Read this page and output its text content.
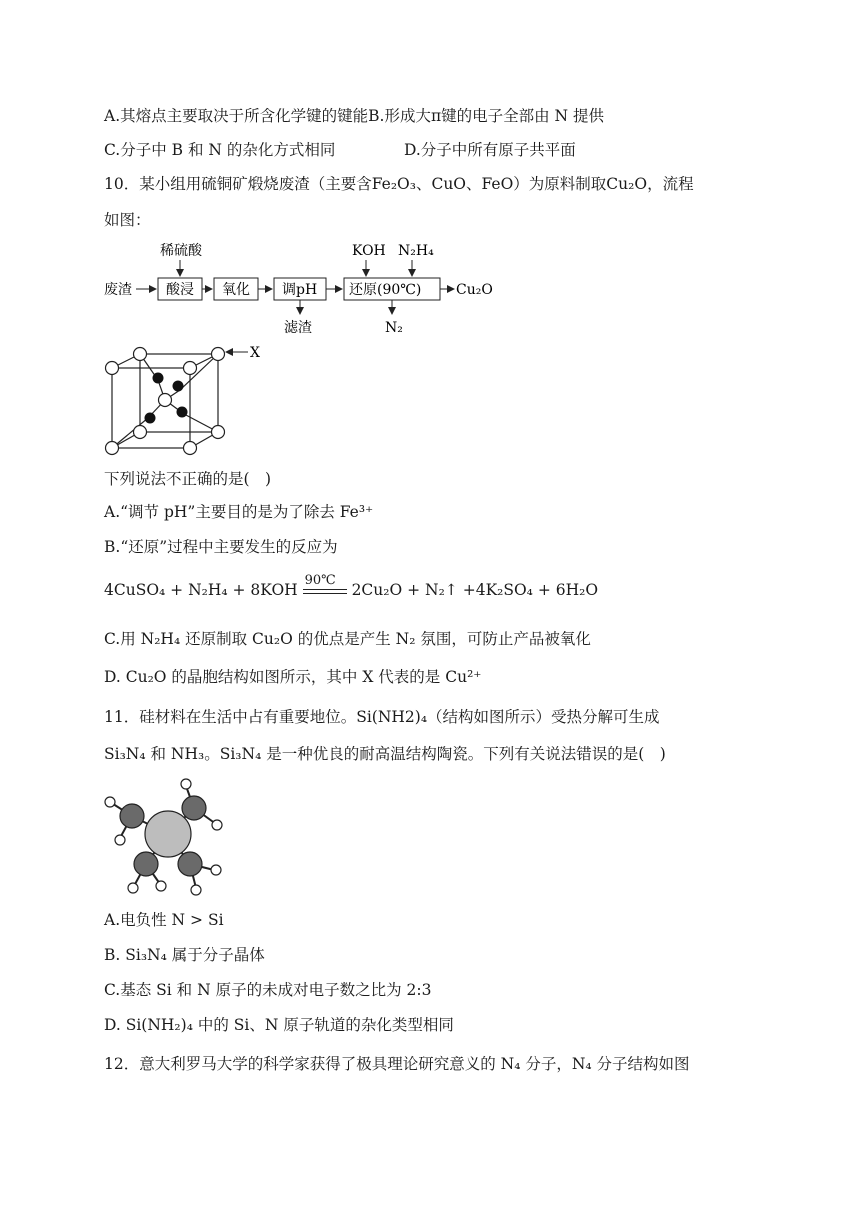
A.其熔点主要取决于所含化学键的键能B.形成大π键的电子全部由 N 提供
C.分子中 B 和 N 的杂化方式相同	D.分子中所有原子共平面
10．某小组用硫铜矿煅烧废渣（主要含Fe₂O₃、CuO、FeO）为原料制取Cu₂O，流程
如图：
废渣
稀硫酸
酸浸 氧化 调pH
滤渣
KOH N₂H₄
还原(90℃)
N₂
Cu₂O
X
下列说法不正确的是(　)
A.“调节 pH”主要目的是为了除去 Fe³⁺
B.“还原”过程中主要发生的反应为
4CuSO₄ + N₂H₄ + 8KOH
90℃
2Cu₂O + N₂↑ +4K₂SO₄ + 6H₂O
C.用 N₂H₄ 还原制取 Cu₂O 的优点是产生 N₂ 氛围，可防止产品被氧化
D. Cu₂O 的晶胞结构如图所示，其中 X 代表的是 Cu²⁺
11．硅材料在生活中占有重要地位。Si(NH2)₄（结构如图所示）受热分解可生成
Si₃N₄ 和 NH₃。Si₃N₄ 是一种优良的耐高温结构陶瓷。下列有关说法错误的是(　)
A.电负性 N > Si
B. Si₃N₄ 属于分子晶体
C.基态 Si 和 N 原子的未成对电子数之比为 2:3
D. Si(NH₂)₄ 中的 Si、N 原子轨道的杂化类型相同
12．意大利罗马大学的科学家获得了极具理论研究意义的 N₄ 分子，N₄ 分子结构如图
